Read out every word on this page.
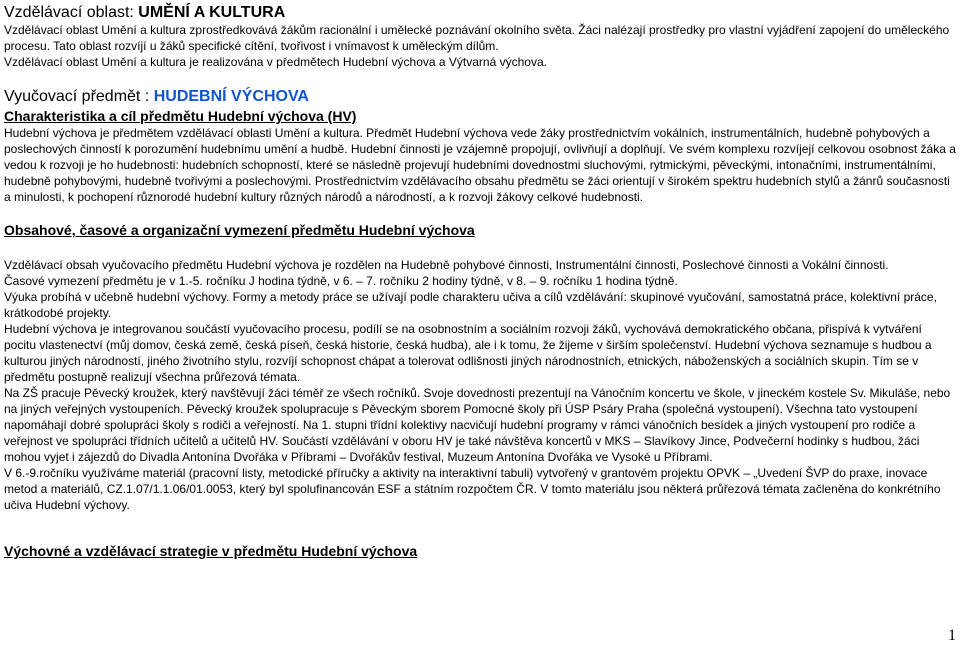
Vzdělávací oblast: UMĚNÍ A KULTURA

Vzdělávací oblast Umění a kultura zprostředkovává žákům racionální i umělecké poznávání okolního světa. Žáci nalézají prostředky pro vlastní vyjádření zapojení do uměleckého procesu. Tato oblast rozvíjí u žáků specifické cítění, tvořivost i vnímavost k uměleckým dílům.

Vzdělávací oblast Umění a kultura je realizována v předmětech Hudební výchova a Výtvarná výchova.

Vyučovací předmět : HUDEBNÍ VÝCHOVA
Charakteristika a cíl předmětu Hudební výchova (HV)

Hudební výchova je předmětem vzdělávací oblasti Umění a kultura. Předmět Hudební výchova vede žáky prostřednictvím vokálních, instrumentálních, hudebně pohybových a poslechových činností k porozumění hudebnímu umění a hudbě. Hudební činnosti je vzájemně propojují, ovlivňují a doplňují. Ve svém komplexu rozvíjejí celkovou osobnost žáka a vedou k rozvoji je ho hudebnosti: hudebních schopností, které se následně projevují hudebními dovednostmi sluchovými, rytmickými, pěveckými, intonačními, instrumentálními, hudebně pohybovými, hudebně tvořivými a poslechovými. Prostřednictvím vzdělávacího obsahu předmětu se žáci orientují v širokém spektru hudebních stylů a žánrů současnosti a minulosti, k pochopení různorodé hudební kultury různých národů a národností, a k rozvoji žákovy celkové hudebnosti.

Obsahové, časové a organizační vymezení předmětu Hudební výchova

Vzdělávací obsah vyučovacího předmětu Hudební výchova je rozdělen na Hudebně pohybové činnosti, Instrumentální činnosti, Poslechové činnosti a Vokální činnosti.

Časové vymezení předmětu je v 1.-5. ročníku J hodina týdně, v 6. – 7. ročníku 2 hodiny týdně, v 8. – 9. ročníku 1 hodina týdně.

Výuka probíhá v učebně hudební výchovy. Formy a metody práce se užívají podle charakteru učiva a cílů vzdělávání: skupinové vyučování, samostatná práce, kolektivní práce, krátkodobé projekty.

Hudební výchova je integrovanou součástí vyučovacího procesu, podílí se na osobnostním a sociálním rozvoji žáků, vychovává demokratického občana, přispívá k vytváření pocitu vlastenectví (můj domov, česká země, česká píseň, česká historie, česká hudba), ale i k tomu, že žijeme v širším společenství. Hudební výchova seznamuje s hudbou a kulturou jiných národností, jiného životního stylu, rozvíjí schopnost chápat a tolerovat odlišnosti jiných národnostních, etnických, náboženských a sociálních skupin. Tím se v předmětu postupně realizují všechna průřezová témata.

Na ZŠ pracuje Pěvecký kroužek, který navštěvují žáci téměř ze všech ročníků. Svoje dovednosti prezentují na Vánočním koncertu ve škole, v jineckém kostele Sv. Mikuláše, nebo na jiných veřejných vystoupeních. Pěvecký kroužek spolupracuje s Pěveckým sborem Pomocné školy při ÚSP Psáry Praha (společná vystoupení). Všechna tato vystoupení napomáhají dobré spolupráci školy s rodiči a veřejností. Na 1. stupni třídní kolektivy nacvičují hudební programy v rámci vánočních besídek a jiných vystoupení pro rodiče a veřejnost ve spolupráci třídních učitelů a učitelů HV. Součástí vzdělávání v oboru HV je také návštěva koncertů v MKS – Slavíkovy Jince, Podvečerní hodinky s hudbou, žáci mohou vyjet i zájezdů do Divadla Antonína Dvořáka v Příbrami – Dvořákův festival, Muzeum Antonína Dvořáka ve Vysoké u Příbrami.

V 6.-9.ročníku využíváme materiál (pracovní listy, metodické příručky a aktivity na interaktivní tabuli) vytvořený v grantovém projektu OPVK – „Uvedení ŠVP do praxe, inovace metod a materiálů, CZ.1.07/1.1.06/01.0053, který byl spolufinancován ESF a státním rozpočtem ČR. V tomto materiálu jsou některá průřezová témata začleněna do konkrétního učiva Hudební výchovy.

Výchovné a vzdělávací strategie v předmětu Hudební výchova
1
